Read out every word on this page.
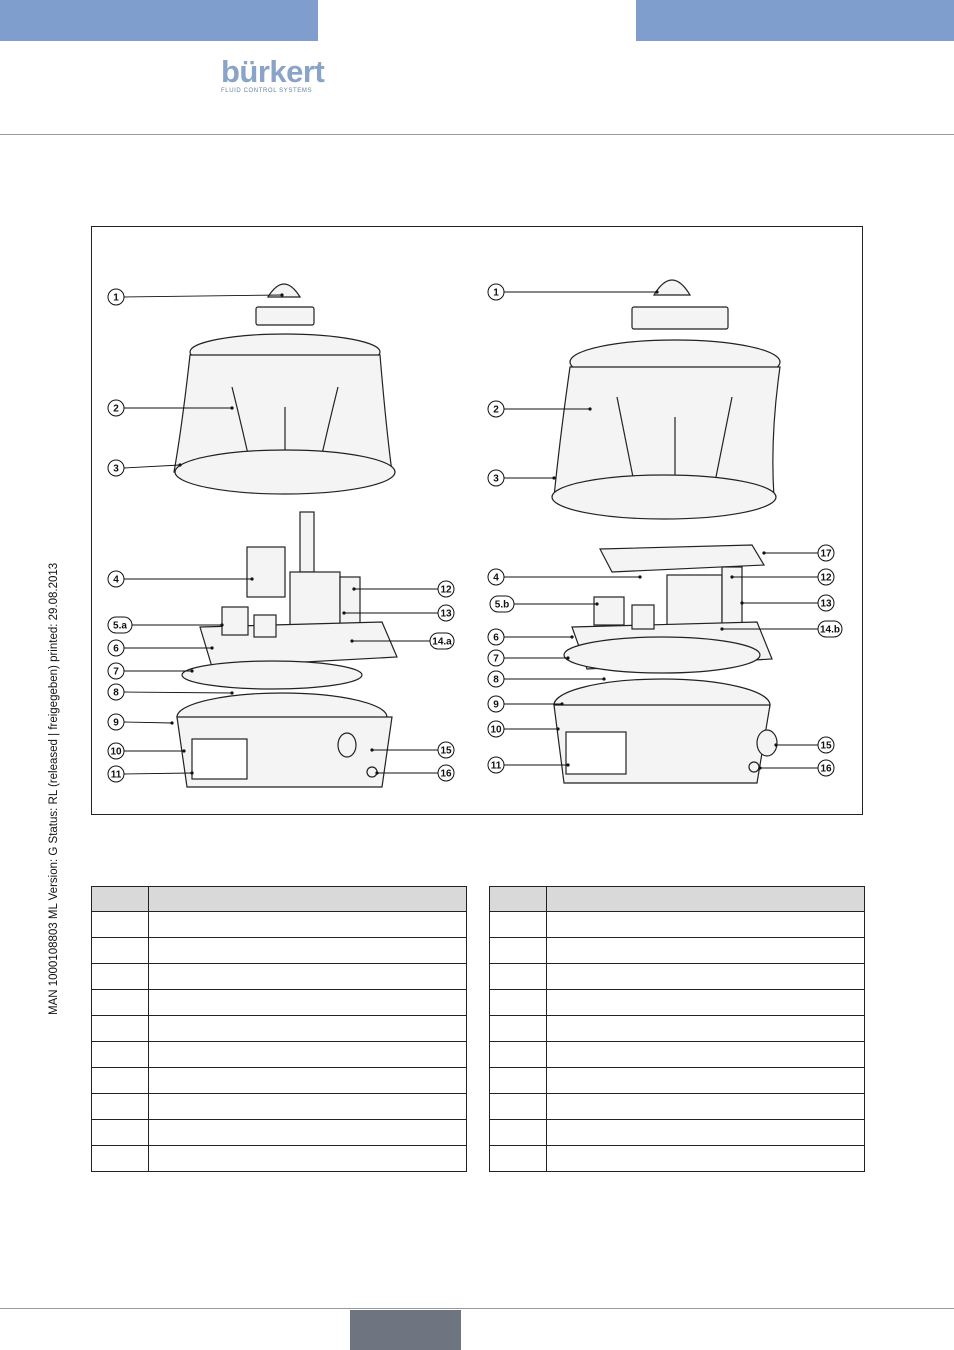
bürkert
FLUID CONTROL SYSTEMS
MAN 1000108803 ML Version: G Status: RL (released | freigegeben) printed: 29.08.2013
1
2
3
4
5.a
6
7
8
9
10
11
12
13
14.a
15
16
1
2
3
4
5.b
6
7
8
9
10
11
17
12
13
14.b
15
16
